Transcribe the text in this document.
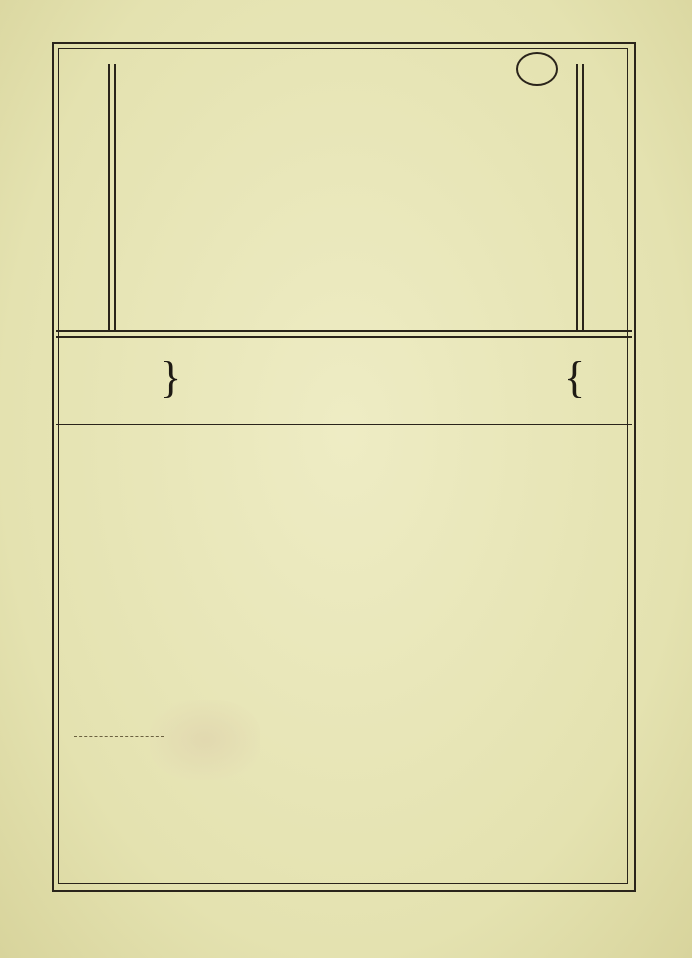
}	{
